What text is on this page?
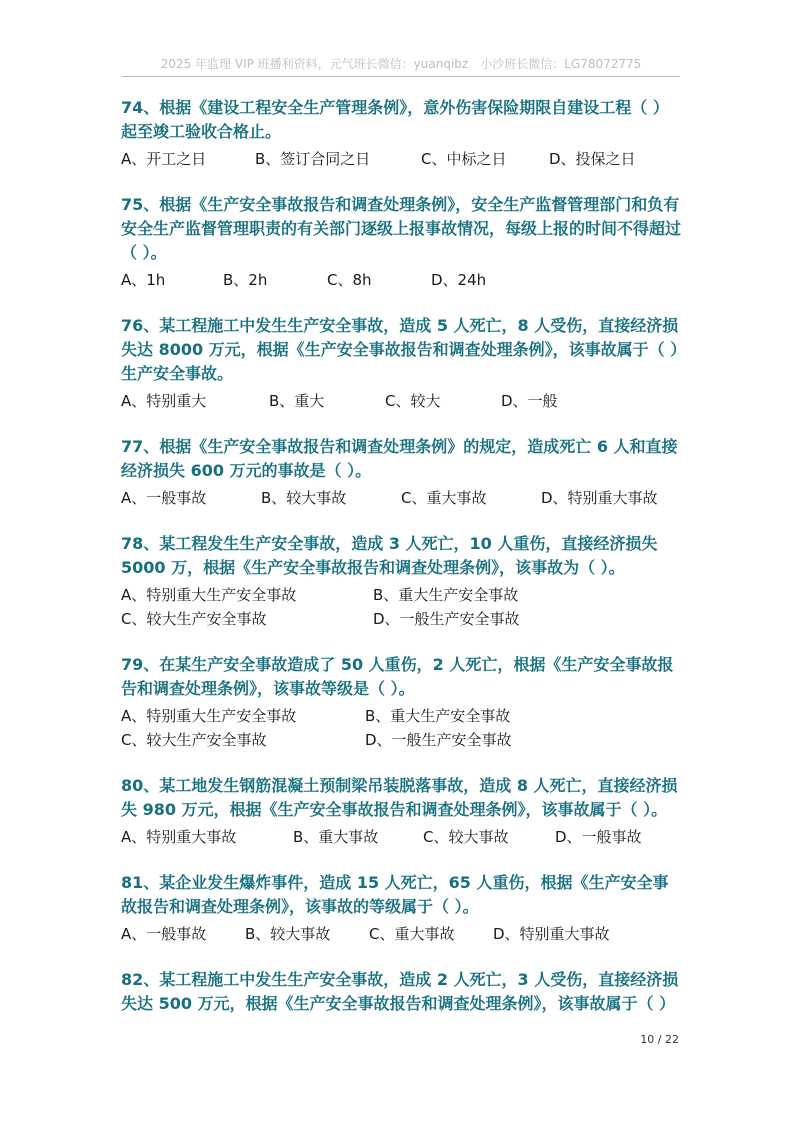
2025 年监理 VIP 班播利资料，元气班长微信：yuanqibz　小沙班长微信：LG78072775

74、根据《建设工程安全生产管理条例》，意外伤害保险期限自建设工程（ ）起至竣工验收合格止。

A、开工之日	B、签订合同之日	C、中标之日	D、投保之日

75、根据《生产安全事故报告和调查处理条例》，安全生产监督管理部门和负有安全生产监督管理职责的有关部门逐级上报事故情况，每级上报的时间不得超过（ ）。

A、1h	B、2h	C、8h	D、24h

76、某工程施工中发生生产安全事故，造成 5 人死亡，8 人受伤，直接经济损失达 8000 万元，根据《生产安全事故报告和调查处理条例》，该事故属于（ ）生产安全事故。

A、特别重大	B、重大	C、较大	D、一般

77、根据《生产安全事故报告和调查处理条例》的规定，造成死亡 6 人和直接经济损失 600 万元的事故是（ ）。

A、一般事故	B、较大事故	C、重大事故	D、特别重大事故

78、某工程发生生产安全事故，造成 3 人死亡，10 人重伤，直接经济损失 5000 万，根据《生产安全事故报告和调查处理条例》，该事故为（ ）。

A、特别重大生产安全事故	B、重大生产安全事故
C、较大生产安全事故	D、一般生产安全事故

79、在某生产安全事故造成了 50 人重伤，2 人死亡，根据《生产安全事故报告和调查处理条例》，该事故等级是（ ）。

A、特别重大生产安全事故	B、重大生产安全事故
C、较大生产安全事故	D、一般生产安全事故

80、某工地发生钢筋混凝土预制梁吊装脱落事故，造成 8 人死亡，直接经济损失 980 万元，根据《生产安全事故报告和调查处理条例》，该事故属于（ ）。

A、特别重大事故	B、重大事故	C、较大事故	D、一般事故

81、某企业发生爆炸事件，造成 15 人死亡，65 人重伤，根据《生产安全事故报告和调查处理条例》，该事故的等级属于（ ）。

A、一般事故	B、较大事故	C、重大事故	D、特别重大事故

82、某工程施工中发生生产安全事故，造成 2 人死亡，3 人受伤，直接经济损失达 500 万元，根据《生产安全事故报告和调查处理条例》，该事故属于（ ）

10 / 22
